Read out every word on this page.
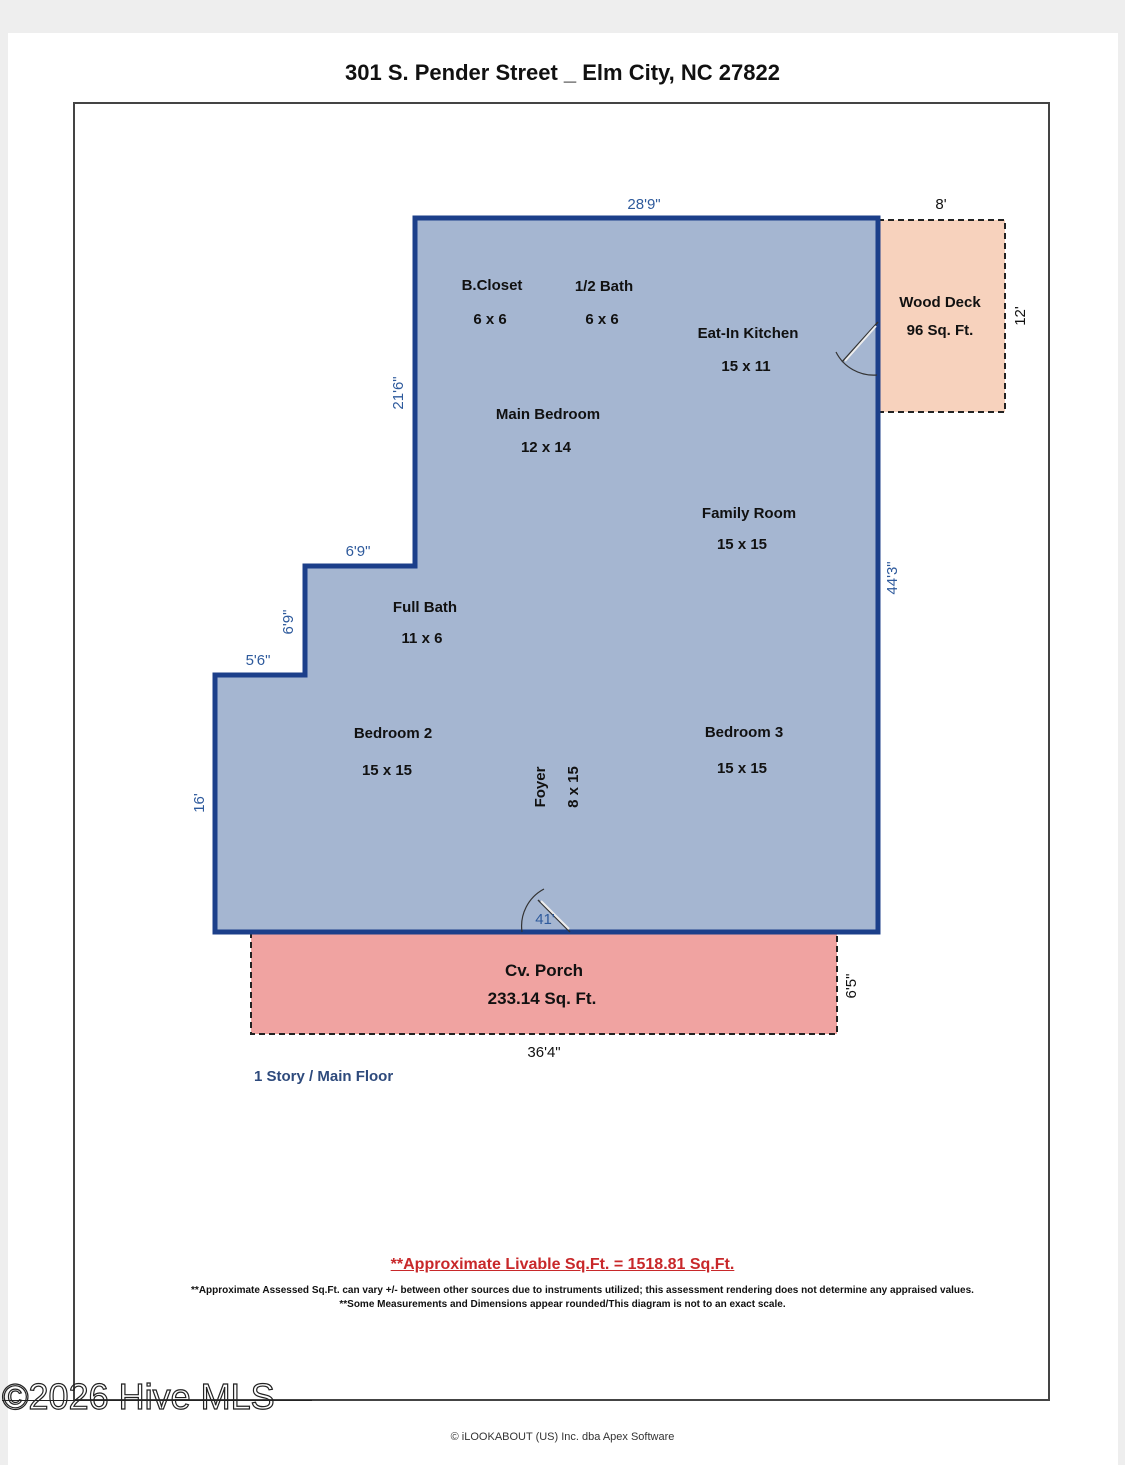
301 S. Pender Street _ Elm City, NC 27822
B.Closet
6 x 6
1/2 Bath
6 x 6
Eat-In Kitchen
15 x 11
Main Bedroom
12 x 14
Family Room
15 x 15
Full Bath
11 x 6
Bedroom 2
15 x 15
Bedroom 3
15 x 15
Foyer 8 x 15
Wood Deck
96 Sq. Ft.
8'
12'
Cv. Porch
233.14 Sq. Ft.
36'4"
6'5"
28'9"
21'6"
6'9"
6'9"
5'6"
16'
44'3"
41'
1 Story / Main Floor
**Approximate Livable Sq.Ft. = 1518.81 Sq.Ft.
**Approximate Assessed Sq.Ft. can vary +/- between other sources due to instruments utilized; this assessment rendering does not determine any appraised values.
**Some Measurements and Dimensions appear rounded/This diagram is not to an exact scale.
©2026 Hive MLS
© iLOOKABOUT (US) Inc. dba Apex Software
